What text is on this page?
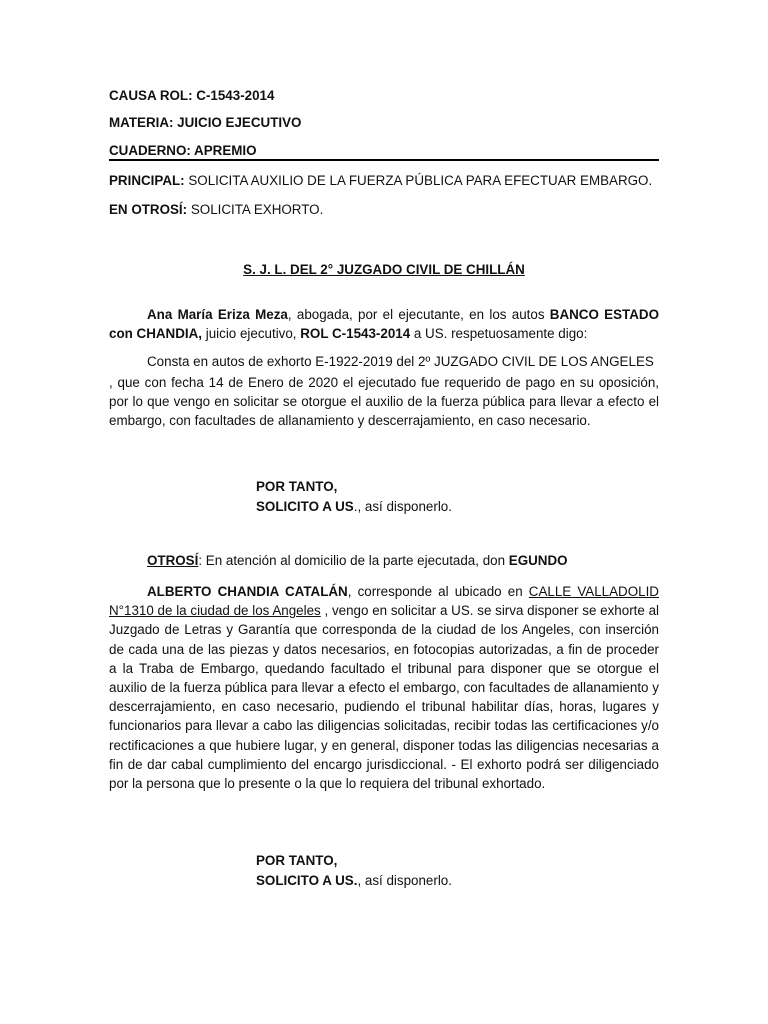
CAUSA ROL: C-1543-2014
MATERIA: JUICIO EJECUTIVO
CUADERNO: APREMIO
PRINCIPAL: SOLICITA AUXILIO DE LA FUERZA PÚBLICA PARA EFECTUAR EMBARGO.
EN OTROSÍ: SOLICITA EXHORTO.
S. J. L. DEL 2° JUZGADO CIVIL DE CHILLÁN
Ana María Eriza Meza, abogada, por el ejecutante, en los autos BANCO ESTADO con CHANDIA, juicio ejecutivo, ROL C-1543-2014 a US. respetuosamente digo:
Consta en autos de exhorto E-1922-2019 del 2º JUZGADO CIVIL DE LOS ANGELES
, que con fecha 14 de Enero de 2020 el ejecutado fue requerido de pago en su oposición, por lo que vengo en solicitar se otorgue el auxilio de la fuerza pública para llevar a efecto el embargo, con facultades de allanamiento y descerrajamiento, en caso necesario.
POR TANTO,
SOLICITO A US., así disponerlo.
OTROSÍ: En atención al domicilio de la parte ejecutada, don EGUNDO
ALBERTO CHANDIA CATALÁN, corresponde al ubicado en CALLE VALLADOLID N°1310 de la ciudad de los Angeles , vengo en solicitar a US. se sirva disponer se exhorte al Juzgado de Letras y Garantía que corresponda de la ciudad de los Angeles, con inserción de cada una de las piezas y datos necesarios, en fotocopias autorizadas, a fin de proceder a la Traba de Embargo, quedando facultado el tribunal para disponer que se otorgue el auxilio de la fuerza pública para llevar a efecto el embargo, con facultades de allanamiento y descerrajamiento, en caso necesario, pudiendo el tribunal habilitar días, horas, lugares y funcionarios para llevar a cabo las diligencias solicitadas, recibir todas las certificaciones y/o rectificaciones a que hubiere lugar, y en general, disponer todas las diligencias necesarias a fin de dar cabal cumplimiento del encargo jurisdiccional. - El exhorto podrá ser diligenciado por la persona que lo presente o la que lo requiera del tribunal exhortado.
POR TANTO,
SOLICITO A US., así disponerlo.
